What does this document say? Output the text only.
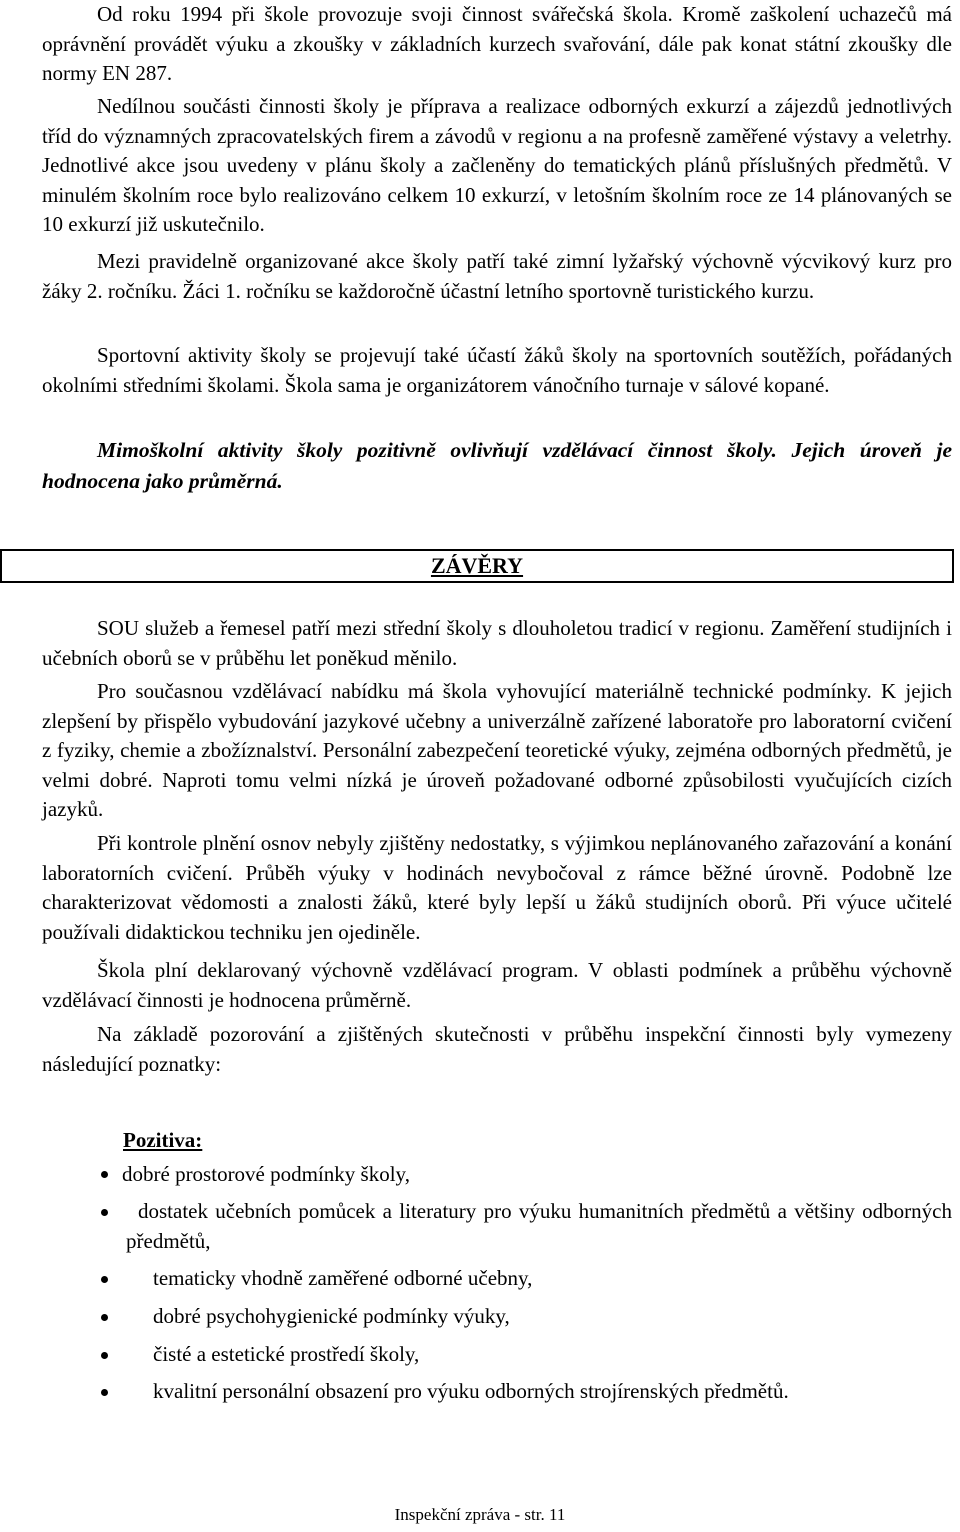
Od roku 1994 při škole provozuje svoji činnost svářečská škola. Kromě zaškolení uchazečů má oprávnění provádět výuku a zkoušky v základních kurzech svařování, dále pak konat státní zkoušky dle normy EN 287.

Nedílnou součásti činnosti školy je příprava a realizace odborných exkurzí a zájezdů jednotlivých tříd do významných zpracovatelských firem a závodů v regionu a na profesně zaměřené výstavy a veletrhy. Jednotlivé akce jsou uvedeny v plánu školy a začleněny do tematických plánů příslušných předmětů. V minulém školním roce bylo realizováno celkem 10 exkurzí, v letošním školním roce ze 14 plánovaných se 10 exkurzí již uskutečnilo.

Mezi pravidelně organizované akce školy patří také zimní lyžařský výchovně výcvikový kurz pro žáky 2. ročníku. Žáci 1. ročníku se každoročně účastní letního sportovně turistického kurzu.

Sportovní aktivity školy se projevují také účastí žáků školy na sportovních soutěžích, pořádaných okolními středními školami. Škola sama je organizátorem vánočního turnaje v sálové kopané.

Mimoškolní aktivity školy pozitivně ovlivňují vzdělávací činnost školy. Jejich úroveň je hodnocena jako průměrná.

SOU služeb a řemesel patří mezi střední školy s dlouholetou tradicí v regionu. Zaměření studijních i učebních oborů se v průběhu let poněkud měnilo.

Pro současnou vzdělávací nabídku má škola vyhovující materiálně technické podmínky. K jejich zlepšení by přispělo vybudování jazykové učebny a univerzálně zařízené laboratoře pro laboratorní cvičení z fyziky, chemie a zbožíznalství. Personální zabezpečení teoretické výuky, zejména odborných předmětů, je velmi dobré. Naproti tomu velmi nízká je úroveň požadované odborné způsobilosti vyučujících cizích jazyků.

Při kontrole plnění osnov nebyly zjištěny nedostatky, s výjimkou neplánovaného zařazování a konání laboratorních cvičení. Průběh výuky v hodinách nevybočoval z rámce běžné úrovně. Podobně lze charakterizovat vědomosti a znalosti žáků, které byly lepší u žáků studijních oborů. Při výuce učitelé používali didaktickou techniku jen ojediněle.

Škola plní deklarovaný výchovně vzdělávací program. V oblasti podmínek a průběhu výchovně vzdělávací činnosti je hodnocena průměrně.

Na základě pozorování a zjištěných skutečnosti v průběhu inspekční činnosti byly vymezeny následující poznatky:

ZÁVĚRY
Pozitiva:
dobré prostorové podmínky školy,
dostatek učebních pomůcek a literatury pro výuku humanitních předmětů a většiny odborných předmětů,
tematicky vhodně zaměřené odborné učebny,
dobré psychohygienické podmínky výuky,
čisté a estetické prostředí školy,
kvalitní personální obsazení pro výuku odborných strojírenských předmětů.
Inspekční zpráva - str. 11
